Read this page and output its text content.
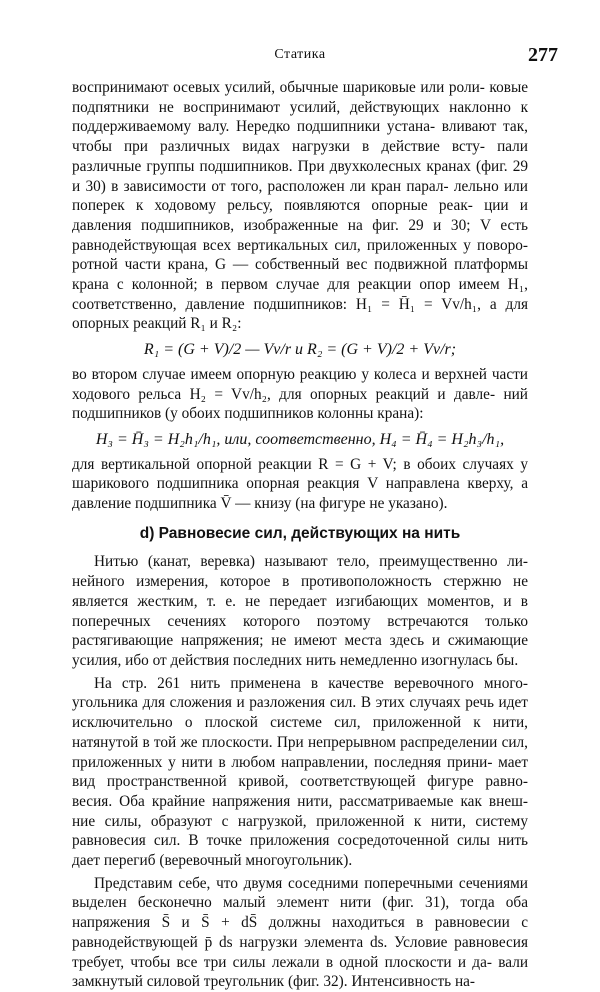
Статика	277

воспринимают осевых усилий, обычные шариковые или роли- ковые подпятники не воспринимают усилий, действующих наклонно к поддерживаемому валу. Нередко подшипники устана- вливают так, чтобы при различных видах нагрузки в действие всту- пали различные группы подшипников. При двухколесных кранах (фиг. 29 и 30) в зависимости от того, расположен ли кран парал- лельно или поперек к ходовому рельсу, появляются опорные реак- ции и давления подшипников, изображенные на фиг. 29 и 30; V есть равнодействующая всех вертикальных сил, приложенных у поворо- ротной части крана, G — собственный вес подвижной платформы крана с колонной; в первом случае для реакции опор имеем H₁, соответственно, давление подшипников: H₁ = H̄₁ = Vv/h₁, а для опорных реакций R₁ и R₂:

R₁ = (G + V)/2 — Vv/r и R₂ = (G + V)/2 + Vv/r;

во втором случае имеем опорную реакцию у колеса и верхней части ходового рельса H₂ = Vv/h₂, для опорных реакций и давле- ний подшипников (у обоих подшипников колонны крана):

H₃ = H̄₃ = H₂h₁/h₁, или, соответственно, H₄ = H̄₄ = H₂h₃/h₁,

для вертикальной опорной реакции R = G + V; в обоих случаях у шарикового подшипника опорная реакция V направлена кверху, а давление подшипника V̄ — книзу (на фигуре не указано).

d) Равновесие сил, действующих на нить

Нитью (канат, веревка) называют тело, преимущественно ли- нейного измерения, которое в противоположность стержню не является жестким, т. е. не передает изгибающих моментов, и в поперечных сечениях которого поэтому встречаются только растягивающие напряжения; не имеют места здесь и сжимающие усилия, ибо от действия последних нить немедленно изогнулась бы.

На стр. 261 нить применена в качестве веревочного много- угольника для сложения и разложения сил. В этих случаях речь идет исключительно о плоской системе сил, приложенной к нити, натянутой в той же плоскости. При непрерывном распределении сил, приложенных у нити в любом направлении, последняя прини- мает вид пространственной кривой, соответствующей фигуре равно- весия. Оба крайние напряжения нити, рассматриваемые как внеш- ние силы, образуют с нагрузкой, приложенной к нити, систему равновесия сил. В точке приложения сосредоточенной силы нить дает перегиб (веревочный многоугольник).

Представим себе, что двумя соседними поперечными сечениями выделен бесконечно малый элемент нити (фиг. 31), тогда оба напряжения S̄ и S̄ + dS̄ должны находиться в равновесии с равнодействующей p̄ ds нагрузки элемента ds. Условие равновесия требует, чтобы все три силы лежали в одной плоскости и да- вали замкнутый силовой треугольник (фиг. 32). Интенсивность на-
